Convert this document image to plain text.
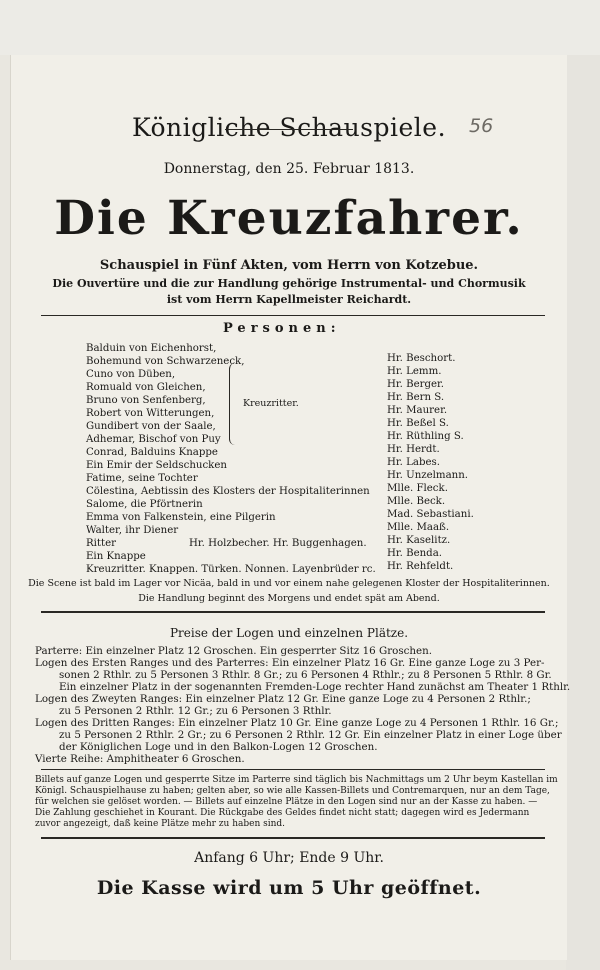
Königliche Schauspiele.	56
Donnerstag, den 25. Februar 1813.
Die Kreuzfahrer.
Schauspiel in Fünf Akten, vom Herrn von Kotzebue.
Die Ouvertüre und die zur Handlung gehörige Instrumental- und Chormusik
ist vom Herrn Kapellmeister Reichardt.
Personen:
Kreuzritter.
Balduin von Eichenhorst,
Bohemund von Schwarzeneck,
Cuno von Düben,
Romuald von Gleichen,
Bruno von Senfenberg,
Robert von Witterungen,
Gundibert von der Saale,
Adhemar, Bischof von Puy
Conrad, Balduins Knappe
Ein Emir der Seldschucken
Fatime, seine Tochter
Cölestina, Aebtissin des Klosters der Hospitaliterinnen
Salome, die Pförtnerin
Emma von Falkenstein, eine Pilgerin
Walter, ihr Diener
Ritter
Ein Knappe
Hr. Beschort.
Hr. Lemm.
Hr. Berger.
Hr. Bern S.
Hr. Maurer.
Hr. Beßel S.
Hr. Rüthling S.
Hr. Herdt.
Hr. Labes.
Hr. Unzelmann.
Mlle. Fleck.
Mlle. Beck.
Mad. Sebastiani.
Mlle. Maaß.
Hr. Kaselitz.
Hr. Benda.
Hr. Rehfeldt.
Hr. Holzbecher. Hr. Buggenhagen.
Kreuzritter. Knappen. Türken. Nonnen. Layenbrüder rc.
Die Scene ist bald im Lager vor Nicäa, bald in und vor einem nahe gelegenen Kloster der Hospitaliterinnen.
Die Handlung beginnt des Morgens und endet spät am Abend.
Preise der Logen und einzelnen Plätze.
Parterre: Ein einzelner Platz 12 Groschen. Ein gesperrter Sitz 16 Groschen.
Logen des Ersten Ranges und des Parterres: Ein einzelner Platz 16 Gr. Eine ganze Loge zu 3 Per-
sonen 2 Rthlr. zu 5 Personen 3 Rthlr. 8 Gr.; zu 6 Personen 4 Rthlr.; zu 8 Personen 5 Rthlr. 8 Gr.
Ein einzelner Platz in der sogenannten Fremden-Loge rechter Hand zunächst am Theater 1 Rthlr.
Logen des Zweyten Ranges: Ein einzelner Platz 12 Gr. Eine ganze Loge zu 4 Personen 2 Rthlr.;
zu 5 Personen 2 Rthlr. 12 Gr.; zu 6 Personen 3 Rthlr.
Logen des Dritten Ranges: Ein einzelner Platz 10 Gr. Eine ganze Loge zu 4 Personen 1 Rthlr. 16 Gr.;
zu 5 Personen 2 Rthlr. 2 Gr.; zu 6 Personen 2 Rthlr. 12 Gr. Ein einzelner Platz in einer Loge über
der Königlichen Loge und in den Balkon-Logen 12 Groschen.
Vierte Reihe: Amphitheater 6 Groschen.
Billets auf ganze Logen und gesperrte Sitze im Parterre sind täglich bis Nachmittags um 2 Uhr beym Kastellan im
Königl. Schauspielhause zu haben; gelten aber, so wie alle Kassen-Billets und Contremarquen, nur an dem Tage,
für welchen sie gelöset worden. — Billets auf einzelne Plätze in den Logen sind nur an der Kasse zu haben. —
Die Zahlung geschiehet in Kourant. Die Rückgabe des Geldes findet nicht statt; dagegen wird es Jedermann
zuvor angezeigt, daß keine Plätze mehr zu haben sind.
Anfang 6 Uhr; Ende 9 Uhr.
Die Kasse wird um 5 Uhr geöffnet.
